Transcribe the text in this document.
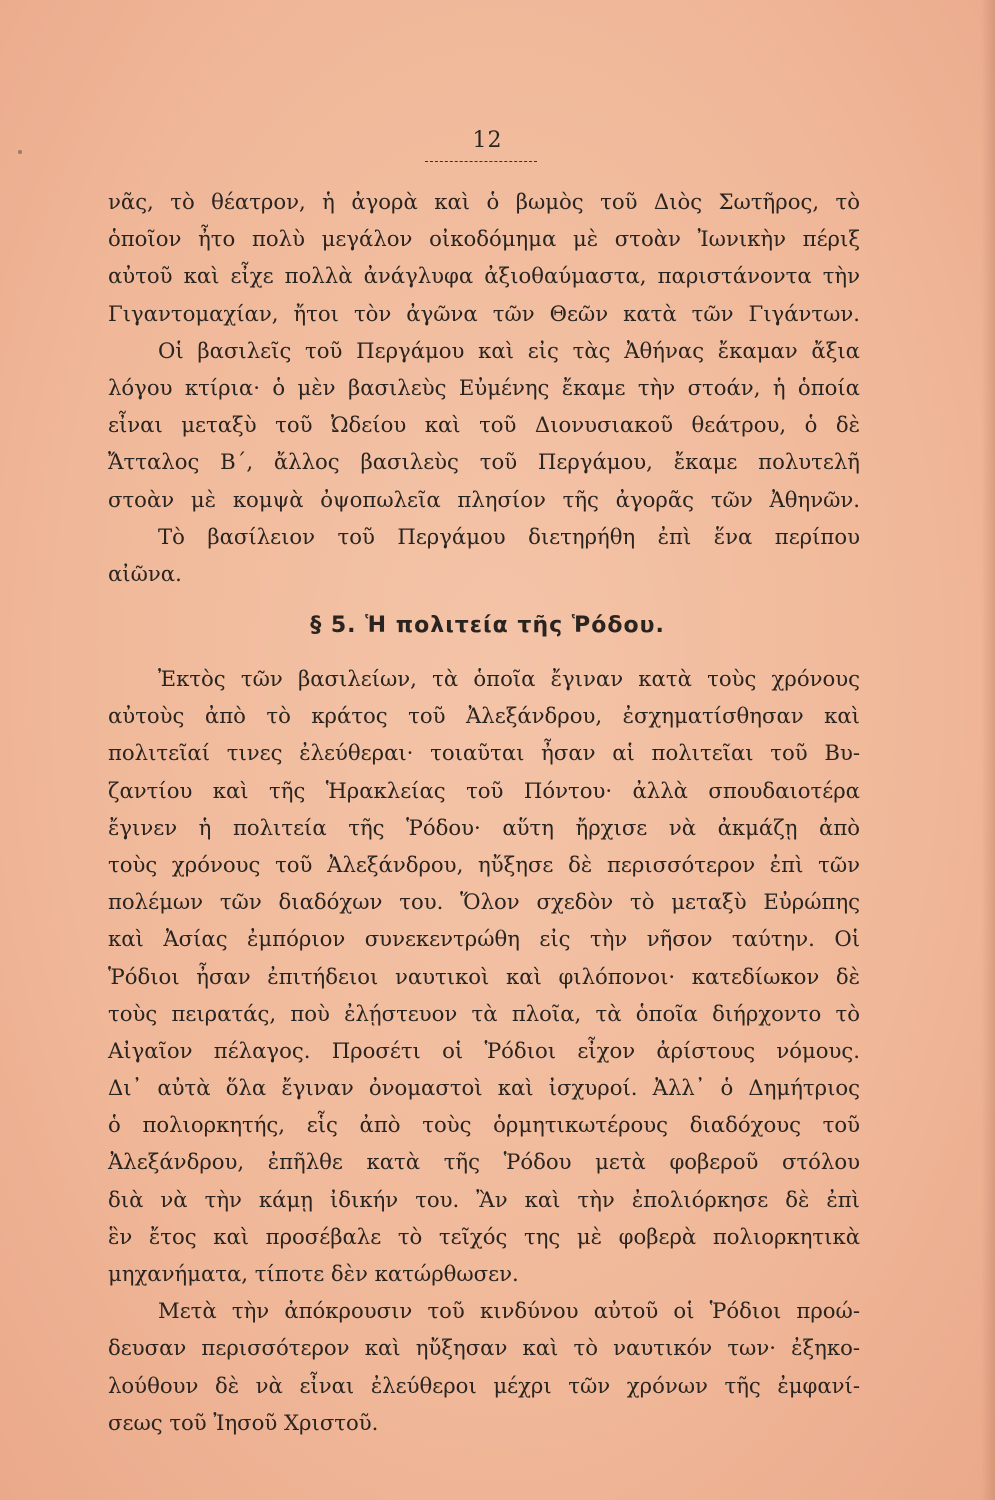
12
νᾶς, τὸ θέατρον, ἡ ἀγορὰ καὶ ὁ βωμὸς τοῦ Διὸς Σωτῆρος, τὸ
ὁποῖον ἦτο πολὺ μεγάλον οἰκοδόμημα μὲ στοὰν Ἰωνικὴν πέριξ
αὐτοῦ καὶ εἶχε πολλὰ ἀνάγλυφα ἀξιοθαύμαστα, παριστάνοντα τὴν
Γιγαντομαχίαν, ἤτοι τὸν ἀγῶνα τῶν Θεῶν κατὰ τῶν Γιγάντων.
Οἱ βασιλεῖς τοῦ Περγάμου καὶ εἰς τὰς Ἀθήνας ἔκαμαν ἄξια
λόγου κτίρια· ὁ μὲν βασιλεὺς Εὐμένης ἔκαμε τὴν στοάν, ἡ ὁποία
εἶναι μεταξὺ τοῦ Ὠδείου καὶ τοῦ Διονυσιακοῦ θεάτρου, ὁ δὲ
Ἄτταλος Β΄, ἄλλος βασιλεὺς τοῦ Περγάμου, ἔκαμε πολυτελῆ
στοὰν μὲ κομψὰ ὀψοπωλεῖα πλησίον τῆς ἀγορᾶς τῶν Ἀθηνῶν.
Τὸ βασίλειον τοῦ Περγάμου διετηρήθη ἐπὶ ἕνα περίπου
αἰῶνα.
§ 5. Ἡ πολιτεία τῆς Ῥόδου.
Ἐκτὸς τῶν βασιλείων, τὰ ὁποῖα ἔγιναν κατὰ τοὺς χρόνους
αὐτοὺς ἀπὸ τὸ κράτος τοῦ Ἀλεξάνδρου, ἐσχηματίσθησαν καὶ
πολιτεῖαί τινες ἐλεύθεραι· τοιαῦται ἦσαν αἱ πολιτεῖαι τοῦ Βυ-
ζαντίου καὶ τῆς Ἡρακλείας τοῦ Πόντου· ἀλλὰ σπουδαιοτέρα
ἔγινεν ἡ πολιτεία τῆς Ῥόδου· αὕτη ἤρχισε νὰ ἀκμάζῃ ἀπὸ
τοὺς χρόνους τοῦ Ἀλεξάνδρου, ηὔξησε δὲ περισσότερον ἐπὶ τῶν
πολέμων τῶν διαδόχων του. Ὅλον σχεδὸν τὸ μεταξὺ Εὐρώπης
καὶ Ἀσίας ἐμπόριον συνεκεντρώθη εἰς τὴν νῆσον ταύτην. Οἱ
Ῥόδιοι ἦσαν ἐπιτήδειοι ναυτικοὶ καὶ φιλόπονοι· κατεδίωκον δὲ
τοὺς πειρατάς, ποὺ ἐλῄστευον τὰ πλοῖα, τὰ ὁποῖα διήρχοντο τὸ
Αἰγαῖον πέλαγος. Προσέτι οἱ Ῥόδιοι εἶχον ἀρίστους νόμους.
Δι᾽ αὐτὰ ὅλα ἔγιναν ὀνομαστοὶ καὶ ἰσχυροί. Ἀλλ᾽ ὁ Δημήτριος
ὁ πολιορκητής, εἷς ἀπὸ τοὺς ὁρμητικωτέρους διαδόχους τοῦ
Ἀλεξάνδρου, ἐπῆλθε κατὰ τῆς Ῥόδου μετὰ φοβεροῦ στόλου
διὰ νὰ τὴν κάμῃ ἰδικήν του. Ἂν καὶ τὴν ἐπολιόρκησε δὲ ἐπὶ
ἓν ἔτος καὶ προσέβαλε τὸ τεῖχός της μὲ φοβερὰ πολιορκητικὰ
μηχανήματα, τίποτε δὲν κατώρθωσεν.
Μετὰ τὴν ἀπόκρουσιν τοῦ κινδύνου αὐτοῦ οἱ Ῥόδιοι προώ-
δευσαν περισσότερον καὶ ηὔξησαν καὶ τὸ ναυτικόν των· ἐξηκο-
λούθουν δὲ νὰ εἶναι ἐλεύθεροι μέχρι τῶν χρόνων τῆς ἐμφανί-
σεως τοῦ Ἰησοῦ Χριστοῦ.
